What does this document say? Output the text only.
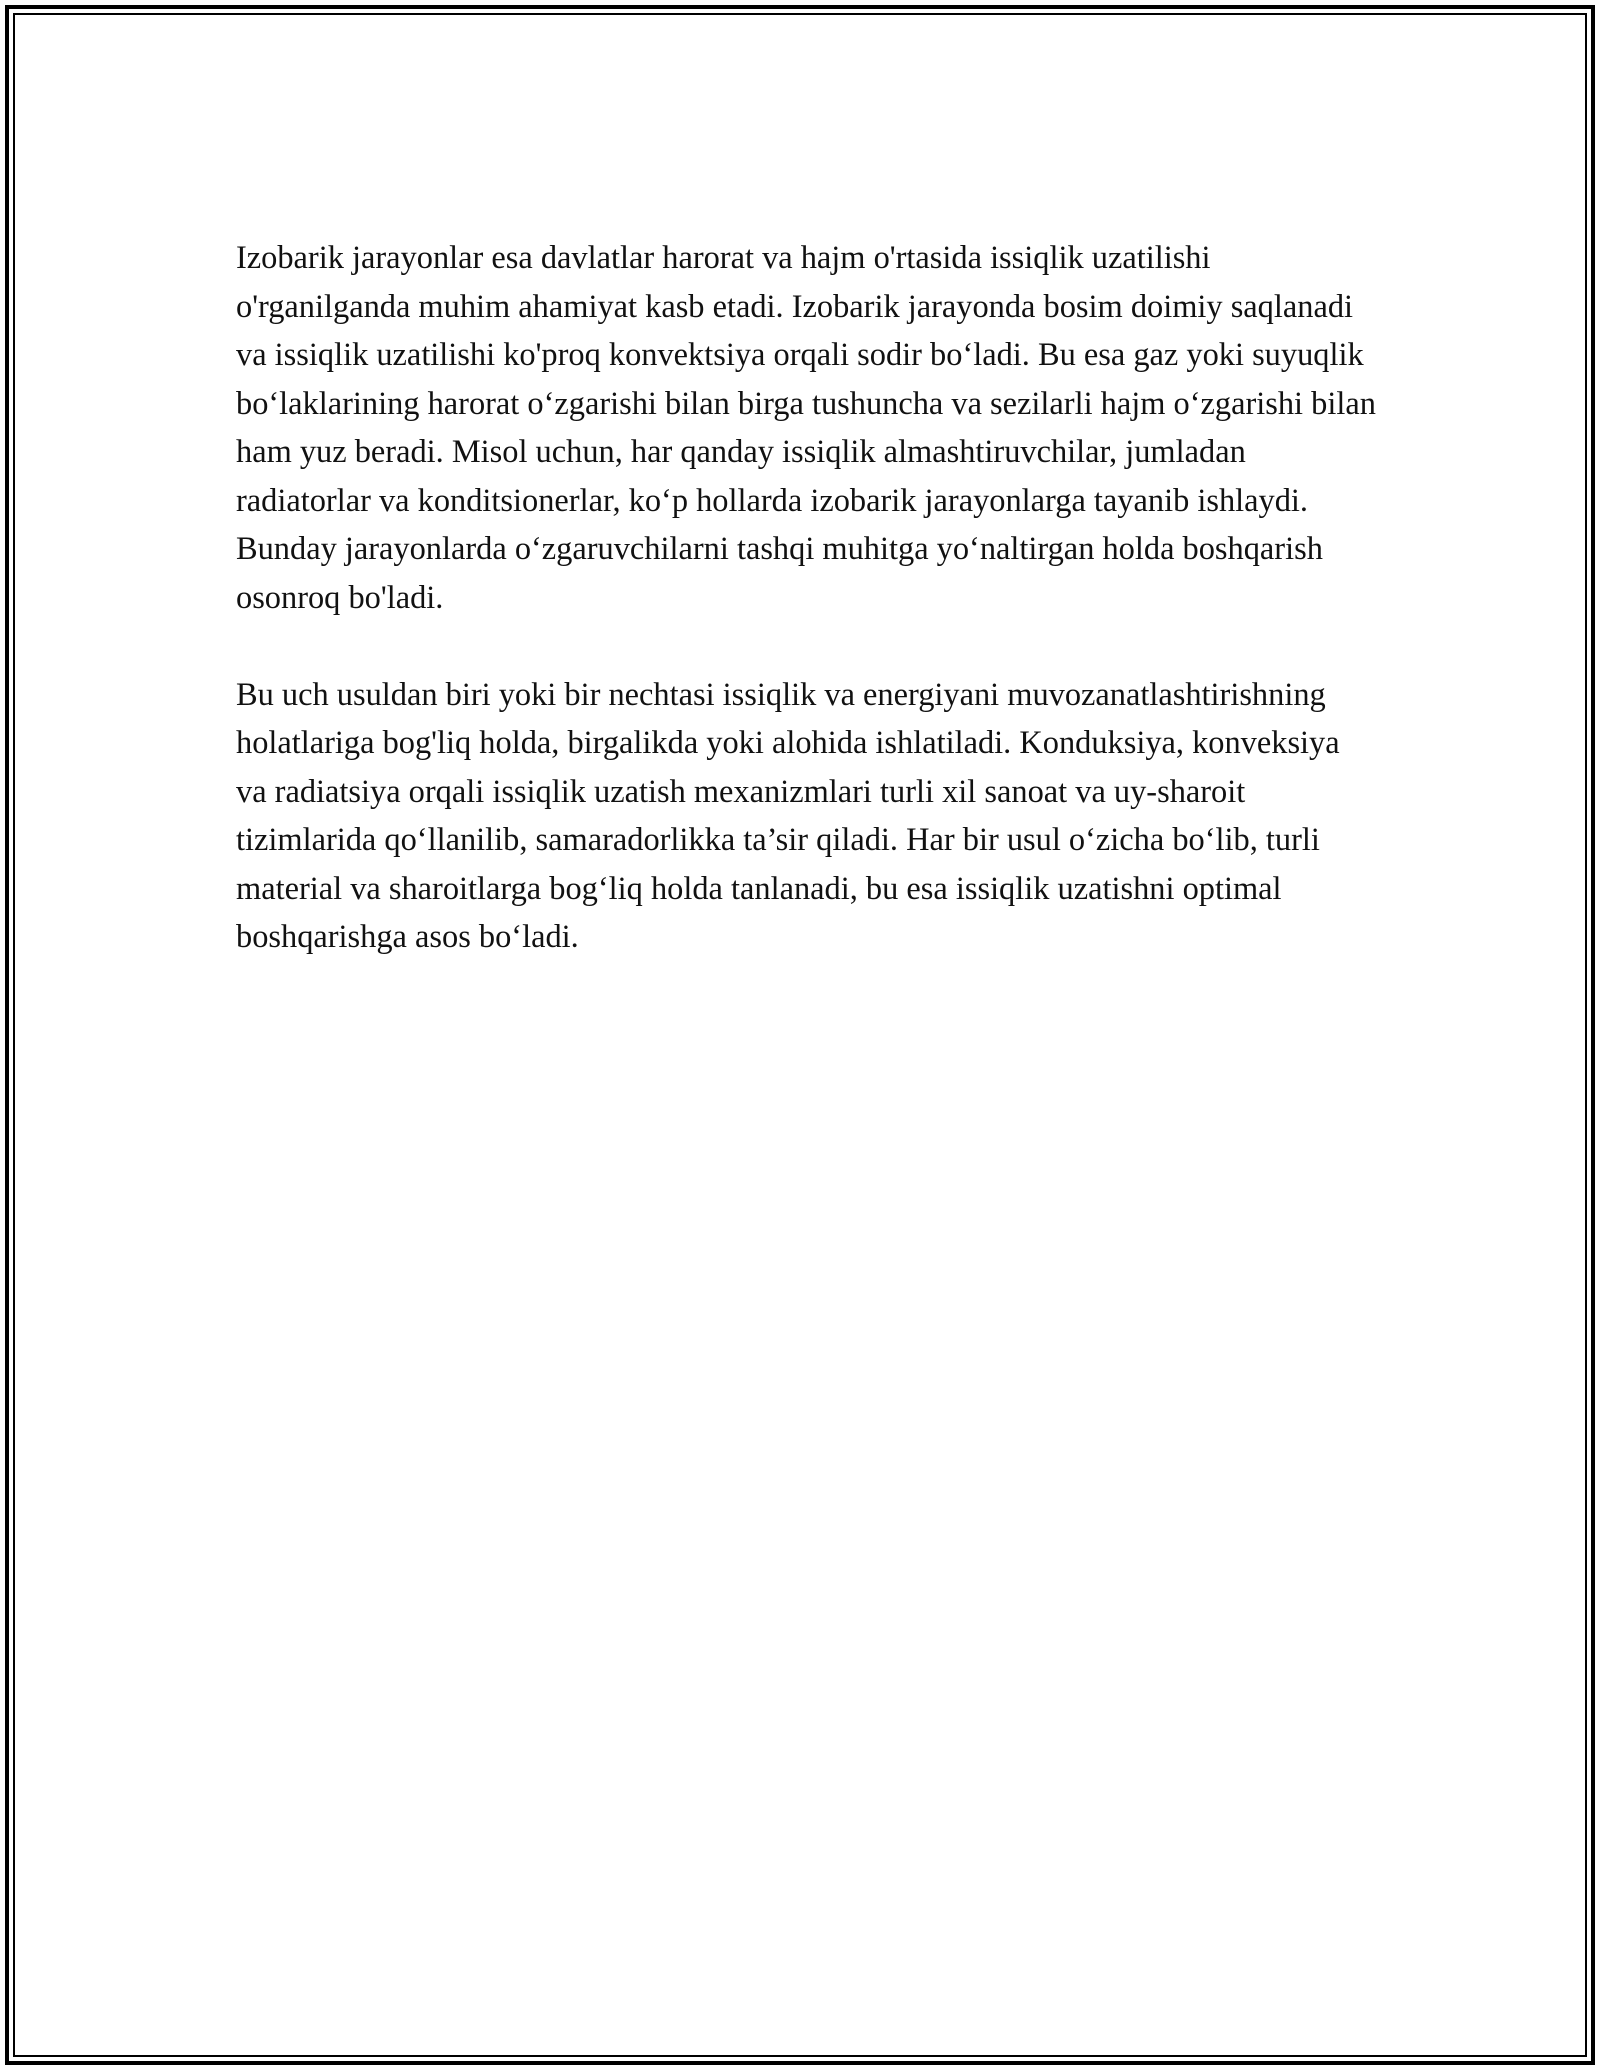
Izobarik jarayonlar esa davlatlar harorat va hajm o'rtasida issiqlik uzatilishi o'rganilganda muhim ahamiyat kasb etadi. Izobarik jarayonda bosim doimiy saqlanadi va issiqlik uzatilishi ko'proq konvektsiya orqali sodir bo‘ladi. Bu esa gaz yoki suyuqlik bo‘laklarining harorat o‘zgarishi bilan birga tushuncha va sezilarli hajm o‘zgarishi bilan ham yuz beradi. Misol uchun, har qanday issiqlik almashtiruvchilar, jumladan radiatorlar va konditsionerlar, ko‘p hollarda izobarik jarayonlarga tayanib ishlaydi. Bunday jarayonlarda o‘zgaruvchilarni tashqi muhitga yo‘naltirgan holda boshqarish osonroq bo'ladi.

Bu uch usuldan biri yoki bir nechtasi issiqlik va energiyani muvozanatlashtirishning holatlariga bog'liq holda, birgalikda yoki alohida ishlatiladi. Konduksiya, konveksiya va radiatsiya orqali issiqlik uzatish mexanizmlari turli xil sanoat va uy-sharoit tizimlarida qo‘llanilib, samaradorlikka ta’sir qiladi. Har bir usul o‘zicha bo‘lib, turli material va sharoitlarga bog‘liq holda tanlanadi, bu esa issiqlik uzatishni optimal boshqarishga asos bo‘ladi.
